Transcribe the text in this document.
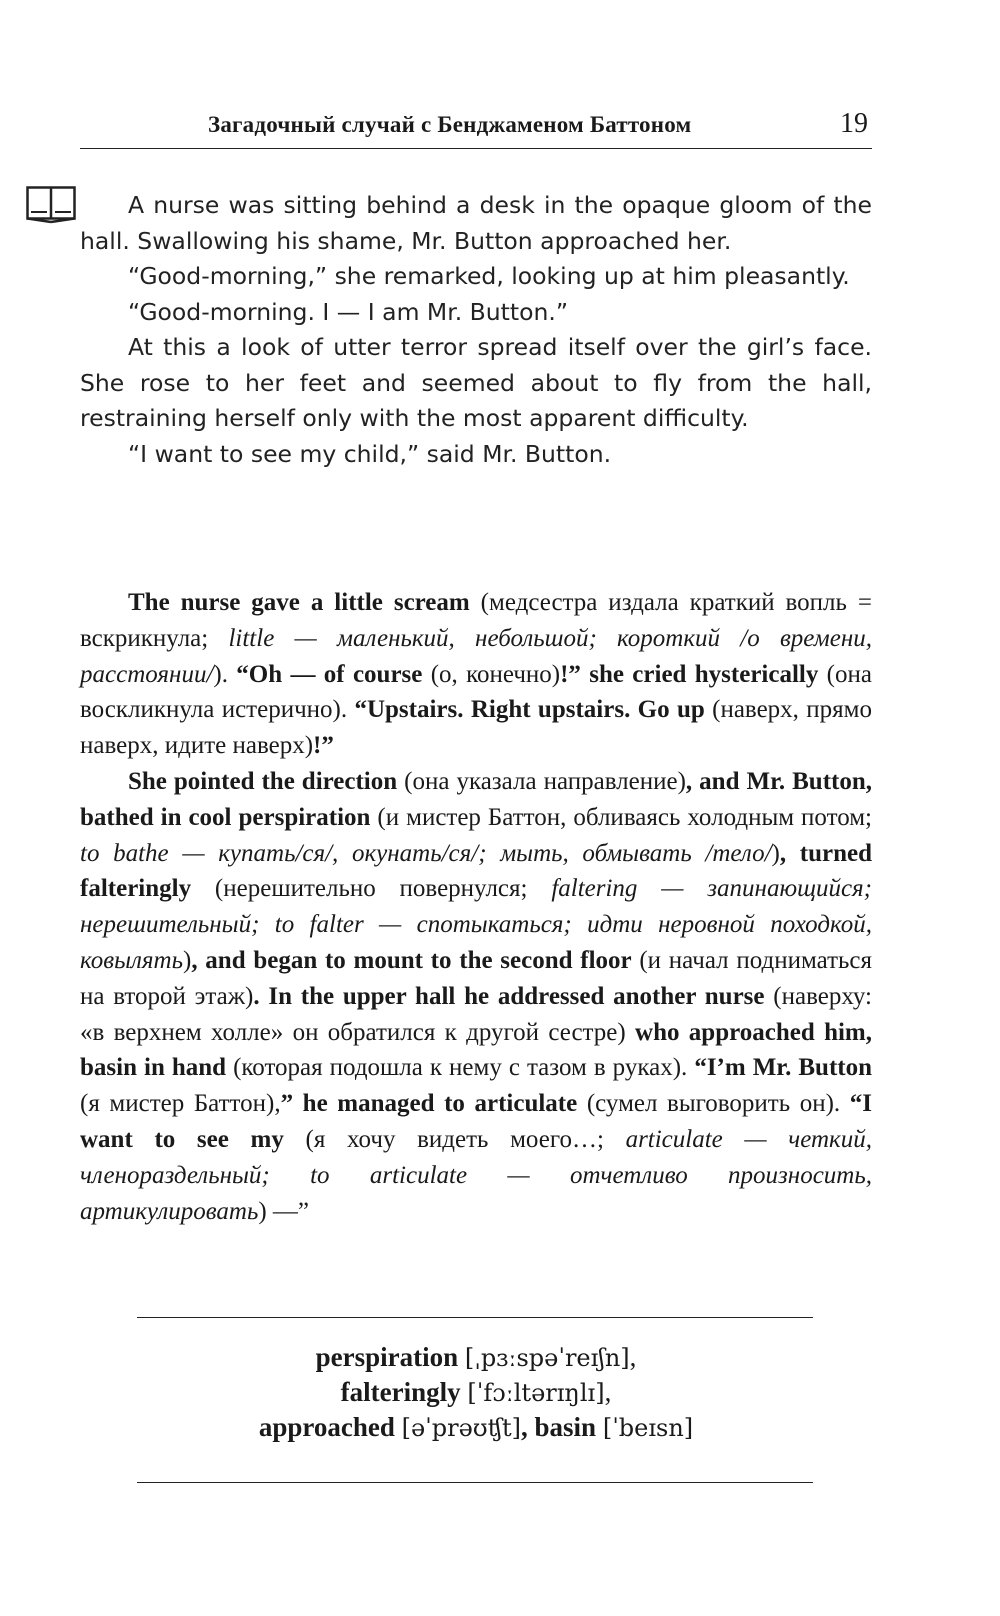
Загадочный случай с Бенджаменом Баттоном	19

A nurse was sitting behind a desk in the opaque gloom of the hall. Swallowing his shame, Mr. Button approached her.

“Good-morning,” she remarked, looking up at him pleasantly.

“Good-morning. I — I am Mr. Button.”

At this a look of utter terror spread itself over the girl’s face. She rose to her feet and seemed about to fly from the hall, restraining herself only with the most apparent difficulty.

“I want to see my child,” said Mr. Button.

The nurse gave a little scream (медсестра издала краткий вопль = вскрикнула; little — маленький, небольшой; короткий /о времени, расстоянии/). “Oh — of course (о, конечно)!” she cried hysterically (она воскликнула истерично). “Upstairs. Right upstairs. Go up (наверх, прямо наверх, идите наверх)!”

She pointed the direction (она указала направление), and Mr. Button, bathed in cool perspiration (и мистер Баттон, обливаясь холодным потом; to bathe — купать/ся/, окунать/ся/; мыть, обмывать /тело/), turned falteringly (нерешительно повернулся; faltering — запинающийся; нерешительный; to falter — спотыкаться; идти неровной походкой, ковылять), and began to mount to the second floor (и начал подниматься на второй этаж). In the upper hall he addressed another nurse (наверху: «в верхнем холле» он обратился к другой сестре) who approached him, basin in hand (которая подошла к нему с тазом в руках). “I’m Mr. Button (я мистер Баттон),” he managed to articulate (сумел выговорить он). “I want to see my (я хочу видеть моего…; articulate — четкий, членораздельный; to articulate — отчетливо произносить, артикулировать) —”

perspiration [ˌpɜːspəˈreɪʃn],
falteringly [ˈfɔːltərɪŋlɪ],
approached [əˈprəʊʧt], basin [ˈbeɪsn]
